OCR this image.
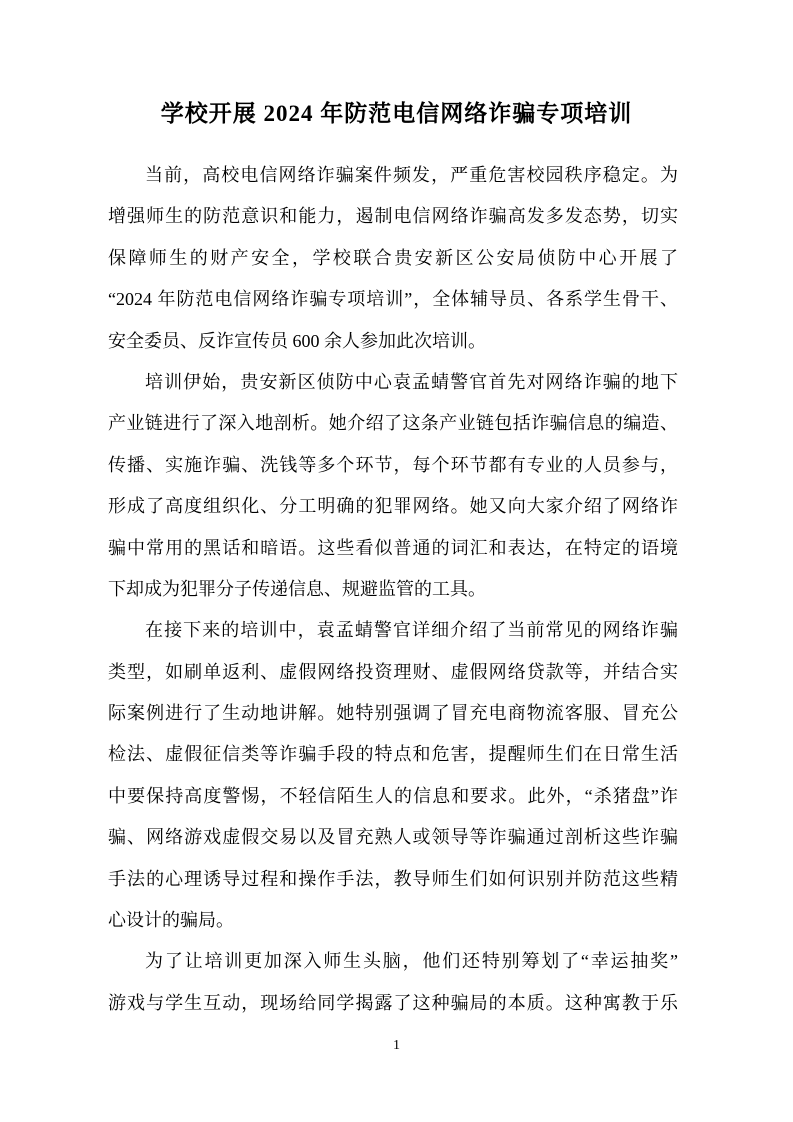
学校开展 2024 年防范电信网络诈骗专项培训
当前，高校电信网络诈骗案件频发，严重危害校园秩序稳定。为
增强师生的防范意识和能力，遏制电信网络诈骗高发多发态势，切实
保障师生的财产安全，学校联合贵安新区公安局侦防中心开展了
“2024 年防范电信网络诈骗专项培训”，全体辅导员、各系学生骨干、
安全委员、反诈宣传员 600 余人参加此次培训。
培训伊始，贵安新区侦防中心袁孟蜻警官首先对网络诈骗的地下
产业链进行了深入地剖析。她介绍了这条产业链包括诈骗信息的编造、
传播、实施诈骗、洗钱等多个环节，每个环节都有专业的人员参与，
形成了高度组织化、分工明确的犯罪网络。她又向大家介绍了网络诈
骗中常用的黑话和暗语。这些看似普通的词汇和表达，在特定的语境
下却成为犯罪分子传递信息、规避监管的工具。
在接下来的培训中，袁孟蜻警官详细介绍了当前常见的网络诈骗
类型，如刷单返利、虚假网络投资理财、虚假网络贷款等，并结合实
际案例进行了生动地讲解。她特别强调了冒充电商物流客服、冒充公
检法、虚假征信类等诈骗手段的特点和危害，提醒师生们在日常生活
中要保持高度警惕，不轻信陌生人的信息和要求。此外，“杀猪盘”诈
骗、网络游戏虚假交易以及冒充熟人或领导等诈骗通过剖析这些诈骗
手法的心理诱导过程和操作手法，教导师生们如何识别并防范这些精
心设计的骗局。
为了让培训更加深入师生头脑，他们还特别筹划了“幸运抽奖”
游戏与学生互动，现场给同学揭露了这种骗局的本质。这种寓教于乐
1
